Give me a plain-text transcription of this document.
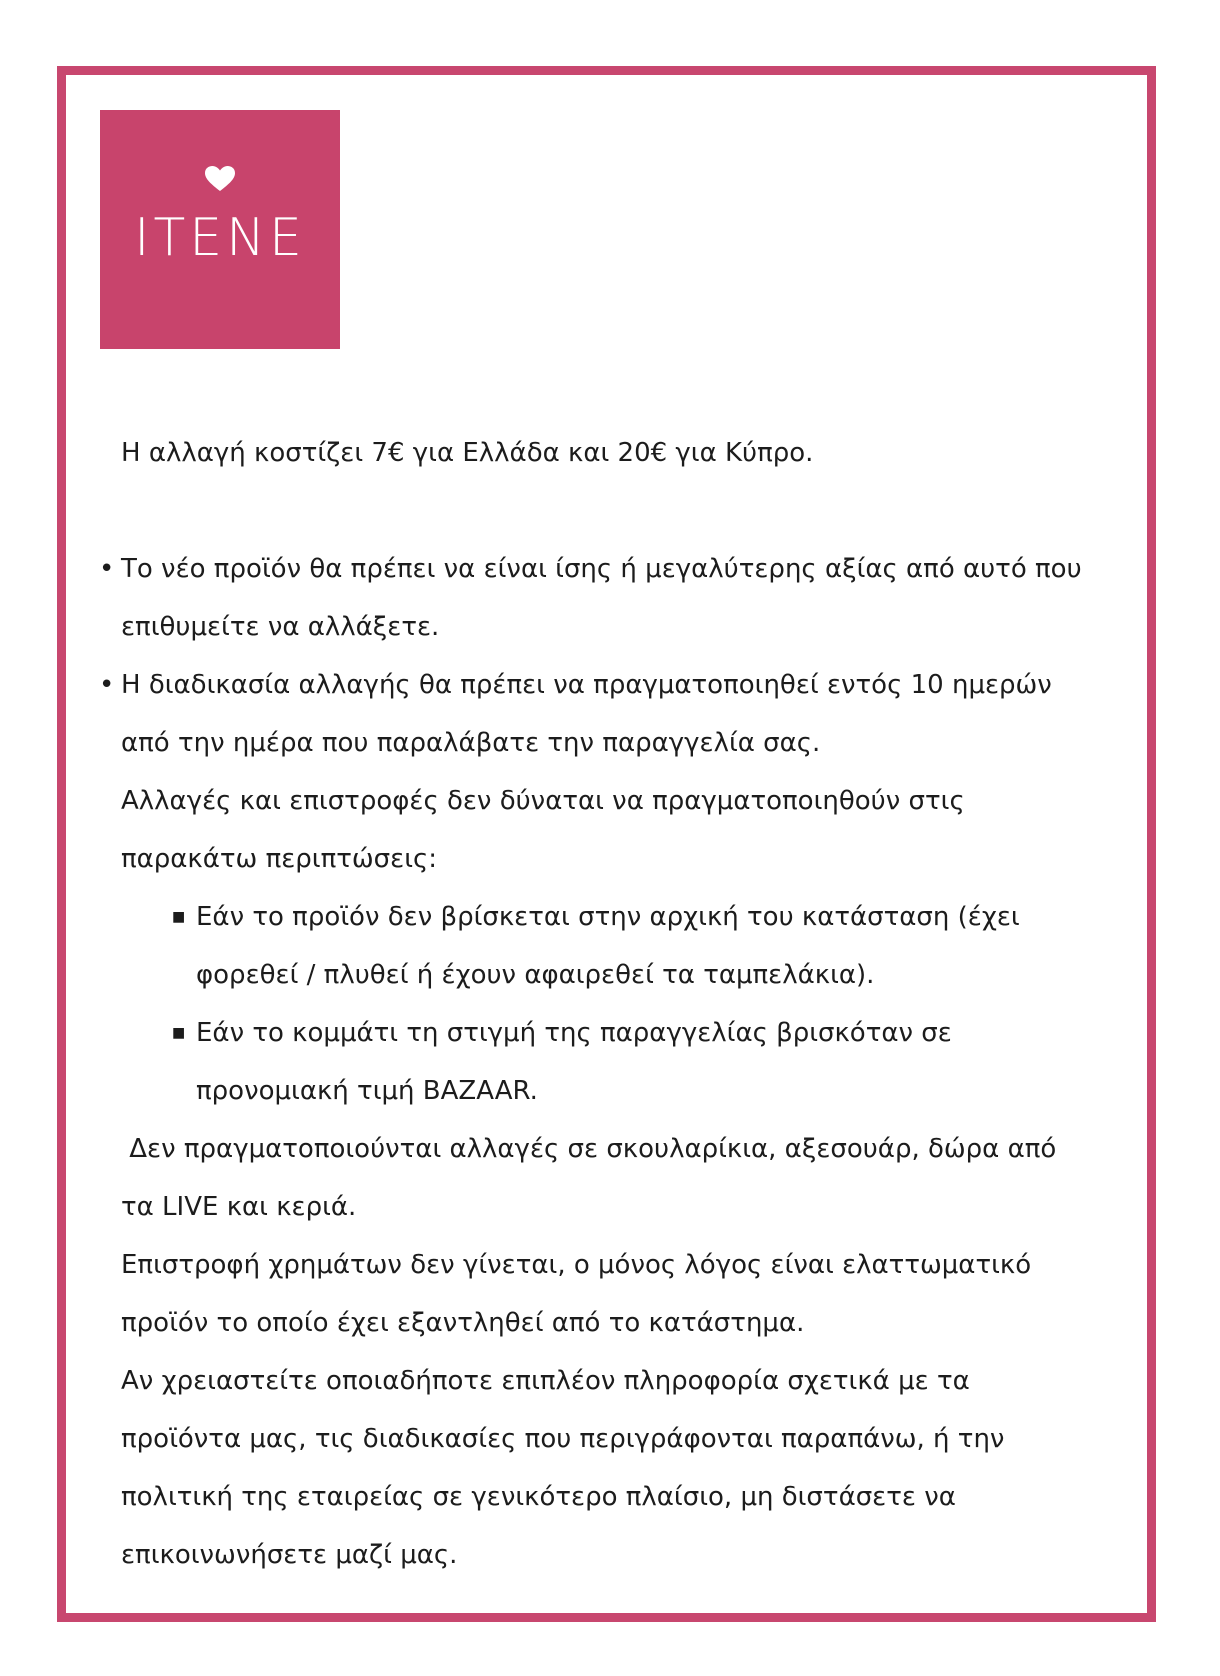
ITENE

Η αλλαγή κοστίζει 7€ για Ελλάδα και 20€ για Κύπρο.

• Το νέο προϊόν θα πρέπει να είναι ίσης ή μεγαλύτερης αξίας από αυτό που

επιθυμείτε να αλλάξετε.

• Η διαδικασία αλλαγής θα πρέπει να πραγματοποιηθεί εντός 10 ημερών

από την ημέρα που παραλάβατε την παραγγελία σας.

Αλλαγές και επιστροφές δεν δύναται να πραγματοποιηθούν στις

παρακάτω περιπτώσεις:

■ Εάν το προϊόν δεν βρίσκεται στην αρχική του κατάσταση (έχει

φορεθεί / πλυθεί ή έχουν αφαιρεθεί τα ταμπελάκια).

■ Εάν το κομμάτι τη στιγμή της παραγγελίας βρισκόταν σε

προνομιακή τιμή BAZAAR.

Δεν πραγματοποιούνται αλλαγές σε σκουλαρίκια, αξεσουάρ, δώρα από

τα LIVE και κεριά.

Επιστροφή χρημάτων δεν γίνεται, ο μόνος λόγος είναι ελαττωματικό

προϊόν το οποίο έχει εξαντληθεί από το κατάστημα.

Αν χρειαστείτε οποιαδήποτε επιπλέον πληροφορία σχετικά με τα

προϊόντα μας, τις διαδικασίες που περιγράφονται παραπάνω, ή την

πολιτική της εταιρείας σε γενικότερο πλαίσιο, μη διστάσετε να

επικοινωνήσετε μαζί μας.
